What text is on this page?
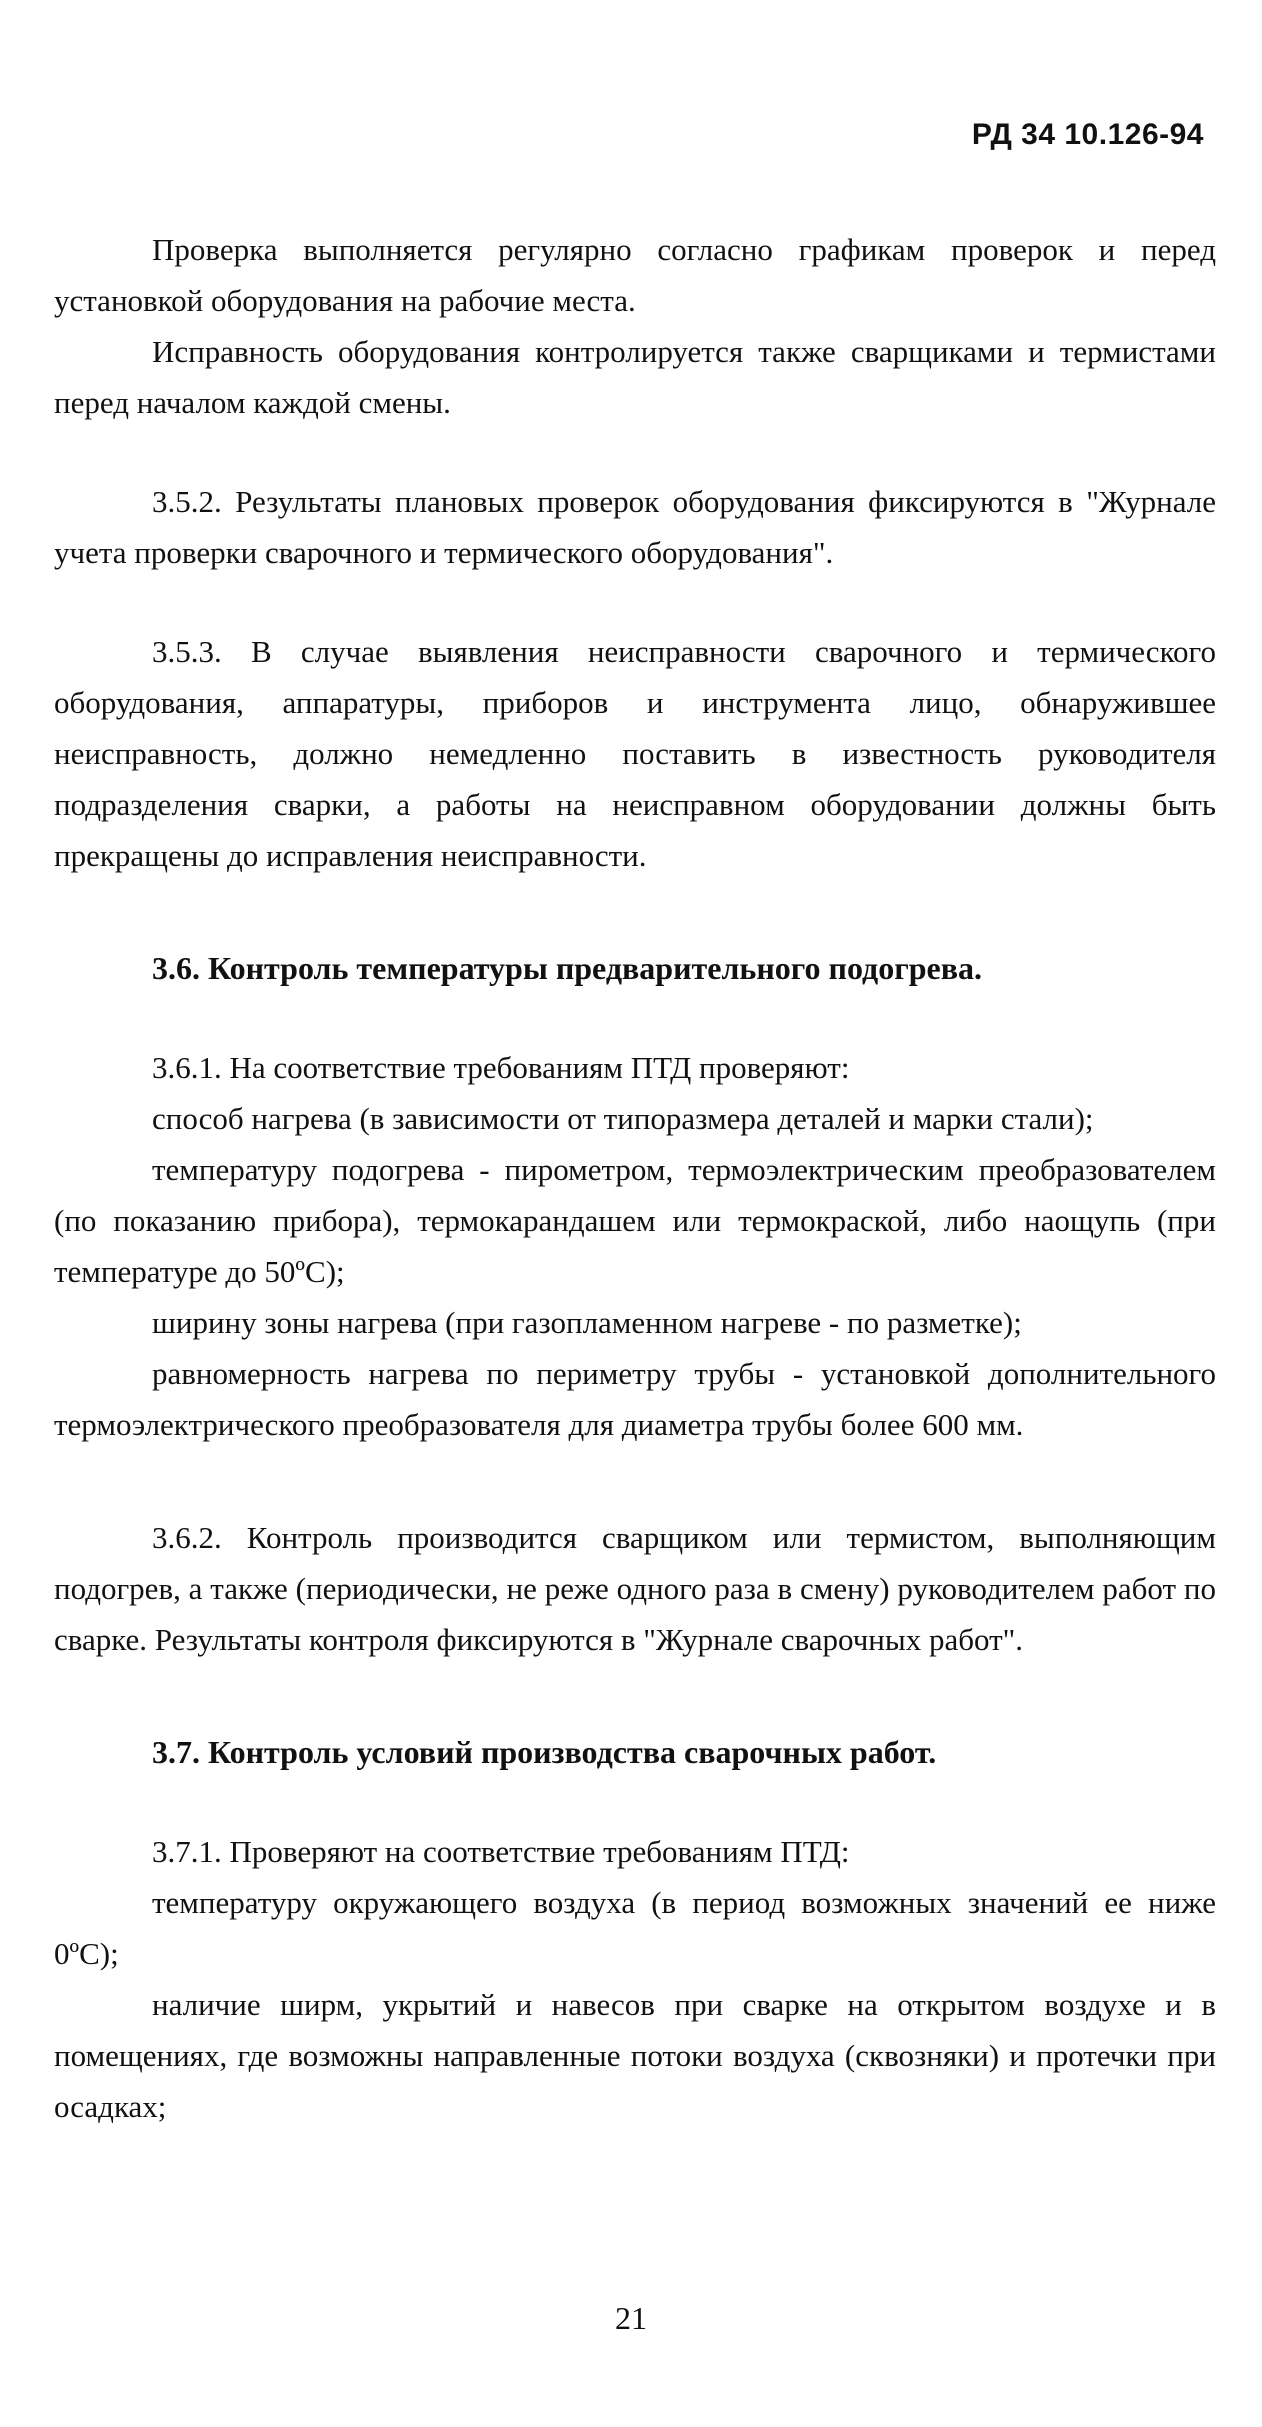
РД 34 10.126-94

Проверка выполняется регулярно согласно графикам проверок и перед установкой оборудования на рабочие места.

Исправность оборудования контролируется также сварщиками и термистами перед началом каждой смены.

3.5.2. Результаты плановых проверок оборудования фиксируются в "Журнале учета проверки сварочного и термического оборудования".

3.5.3. В случае выявления неисправности сварочного и термического оборудования, аппаратуры, приборов и инструмента лицо, обнаружившее неисправность, должно немедленно поставить в известность руководителя подразделения сварки, а работы на неисправном оборудовании должны быть прекращены до исправления неисправности.

3.6. Контроль температуры предварительного подогрева.

3.6.1. На соответствие требованиям ПТД проверяют:

способ нагрева (в зависимости от типоразмера деталей и марки стали);

температуру подогрева - пирометром, термоэлектрическим преобразователем (по показанию прибора), термокарандашем или термокраской, либо наощупь (при температуре до 50ºС);

ширину зоны нагрева (при газопламенном нагреве - по разметке);

равномерность нагрева по периметру трубы - установкой дополнительного термоэлектрического преобразователя для диаметра трубы более 600 мм.

3.6.2. Контроль производится сварщиком или термистом, выполняющим подогрев, а также (периодически, не реже одного раза в смену) руководителем работ по сварке. Результаты контроля фиксируются в "Журнале сварочных работ".

3.7. Контроль условий производства сварочных работ.

3.7.1. Проверяют на соответствие требованиям ПТД:

температуру окружающего воздуха (в период возможных значений ее ниже 0ºС);

наличие ширм, укрытий и навесов при сварке на открытом воздухе и в помещениях, где возможны направленные потоки воздуха (сквозняки) и протечки при осадках;

21
